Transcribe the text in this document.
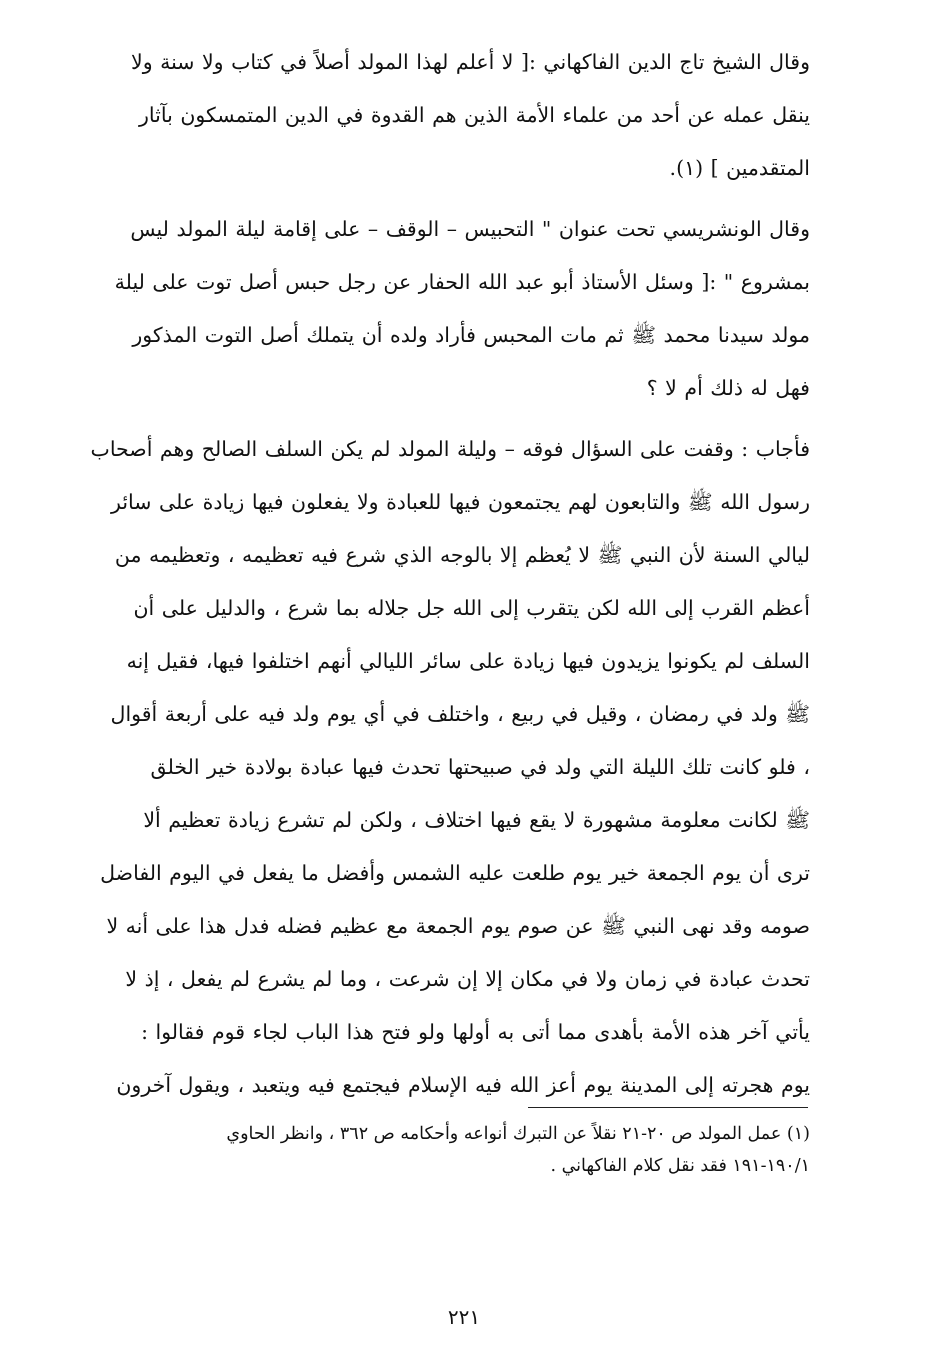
وقال الشيخ تاج الدين الفاكهاني :[ لا أعلم لهذا المولد أصلاً في كتاب ولا سنة ولا

ينقل عمله عن أحد من علماء الأمة الذين هم القدوة في الدين المتمسكون بآثار

المتقدمين ] (١).

وقال الونشريسي تحت عنوان " التحبيس – الوقف – على إقامة ليلة المولد ليس

بمشروع " :[ وسئل الأستاذ أبو عبد الله الحفار عن رجل حبس أصل توت على ليلة

مولد سيدنا محمد ﷺ ثم مات المحبس فأراد ولده أن يتملك أصل التوت المذكور

فهل له ذلك أم لا ؟

فأجاب : وقفت على السؤال فوقه – وليلة المولد لم يكن السلف الصالح وهم أصحاب

رسول الله ﷺ والتابعون لهم يجتمعون فيها للعبادة ولا يفعلون فيها زيادة على سائر

ليالي السنة لأن النبي ﷺ لا يُعظم إلا بالوجه الذي شرع فيه تعظيمه ، وتعظيمه من

أعظم القرب إلى الله لكن يتقرب إلى الله جل جلاله بما شرع ، والدليل على أن

السلف لم يكونوا يزيدون فيها زيادة على سائر الليالي أنهم اختلفوا فيها، فقيل إنه

ﷺ ولد في رمضان ، وقيل في ربيع ، واختلف في أي يوم ولد فيه على أربعة أقوال

، فلو كانت تلك الليلة التي ولد في صبيحتها تحدث فيها عبادة بولادة خير الخلق

ﷺ لكانت معلومة مشهورة لا يقع فيها اختلاف ، ولكن لم تشرع زيادة تعظيم ألا

ترى أن يوم الجمعة خير يوم طلعت عليه الشمس وأفضل ما يفعل في اليوم الفاضل

صومه وقد نهى النبي ﷺ عن صوم يوم الجمعة مع عظيم فضله فدل هذا على أنه لا

تحدث عبادة في زمان ولا في مكان إلا إن شرعت ، وما لم يشرع لم يفعل ، إذ لا

يأتي آخر هذه الأمة بأهدى مما أتى به أولها ولو فتح هذا الباب لجاء قوم فقالوا :

يوم هجرته إلى المدينة يوم أعز الله فيه الإسلام فيجتمع فيه ويتعبد ، ويقول آخرون

(١) عمل المولد ص ٢٠-٢١ نقلاً عن التبرك أنواعه وأحكامه ص ٣٦٢ ، وانظر الحاوي

١٩٠/١-١٩١ فقد نقل كلام الفاكهاني .

٢٢١
